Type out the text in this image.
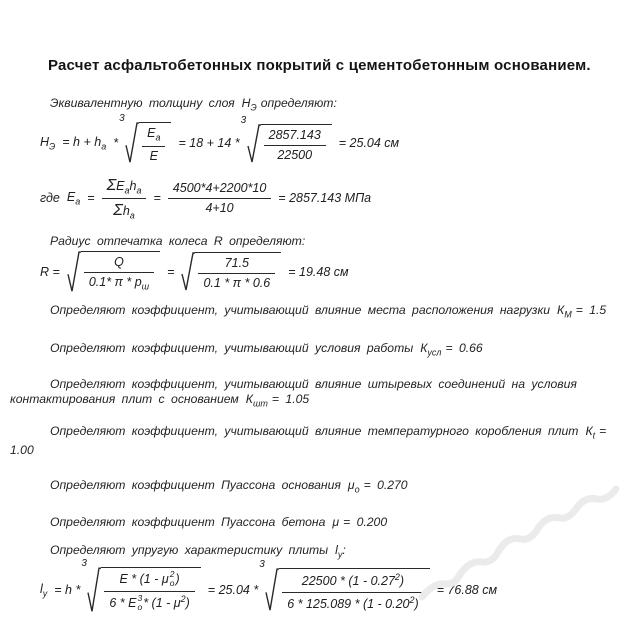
Расчет асфальтобетонных покрытий с цементобетонным основанием.

Эквивалентную толщину слоя $Н_Э$ определяют:

$Н_Э = h + h_a$ *
3
$\frac{E_a}{E} = 18 + 14$ *
3
$\frac{2857.143}{22500} = 25.04$ см
где $E_a = \frac{\Sigma E_ah_a}{\Sigma h_a} = \frac{4500*4+2200*10}{4+10} = 2857.143$ МПа

Радиус отпечатка колеса R определяют:

$R = \frac{Q}{0.1* \pi * p_ш} = \frac{71.5}{0.1 * \pi * 0.6} = 19.48$ см

Определяют коэффициент, учитывающий влияние места расположения нагрузки $К_М = 1.5$

Определяют коэффициент, учитывающий условия работы $К_{усл} = 0.66$

Определяют коэффициент, учитывающий влияние штыревых соединений на условия контактирования плит с основанием $К_{шт} = 1.05$

Определяют коэффициент, учитывающий влияние температурного коробления плит $К_t = 1.00$

Определяют коэффициент Пуассона основания $\mu_о = 0.270$

Определяют коэффициент Пуассона бетона μ = 0.200

Определяют упругую характеристику плиты $l_у$:

$l_у = h$ *
3
E * (1 - μ 2
o )
6 * E 3
$o * (1 - \mu^2) = 25.04$ *
3
$\frac{22500 * (1 - 0.27^2)}{6 * 125.089 * (1 - 0.20^2)} = 76.88$ см
